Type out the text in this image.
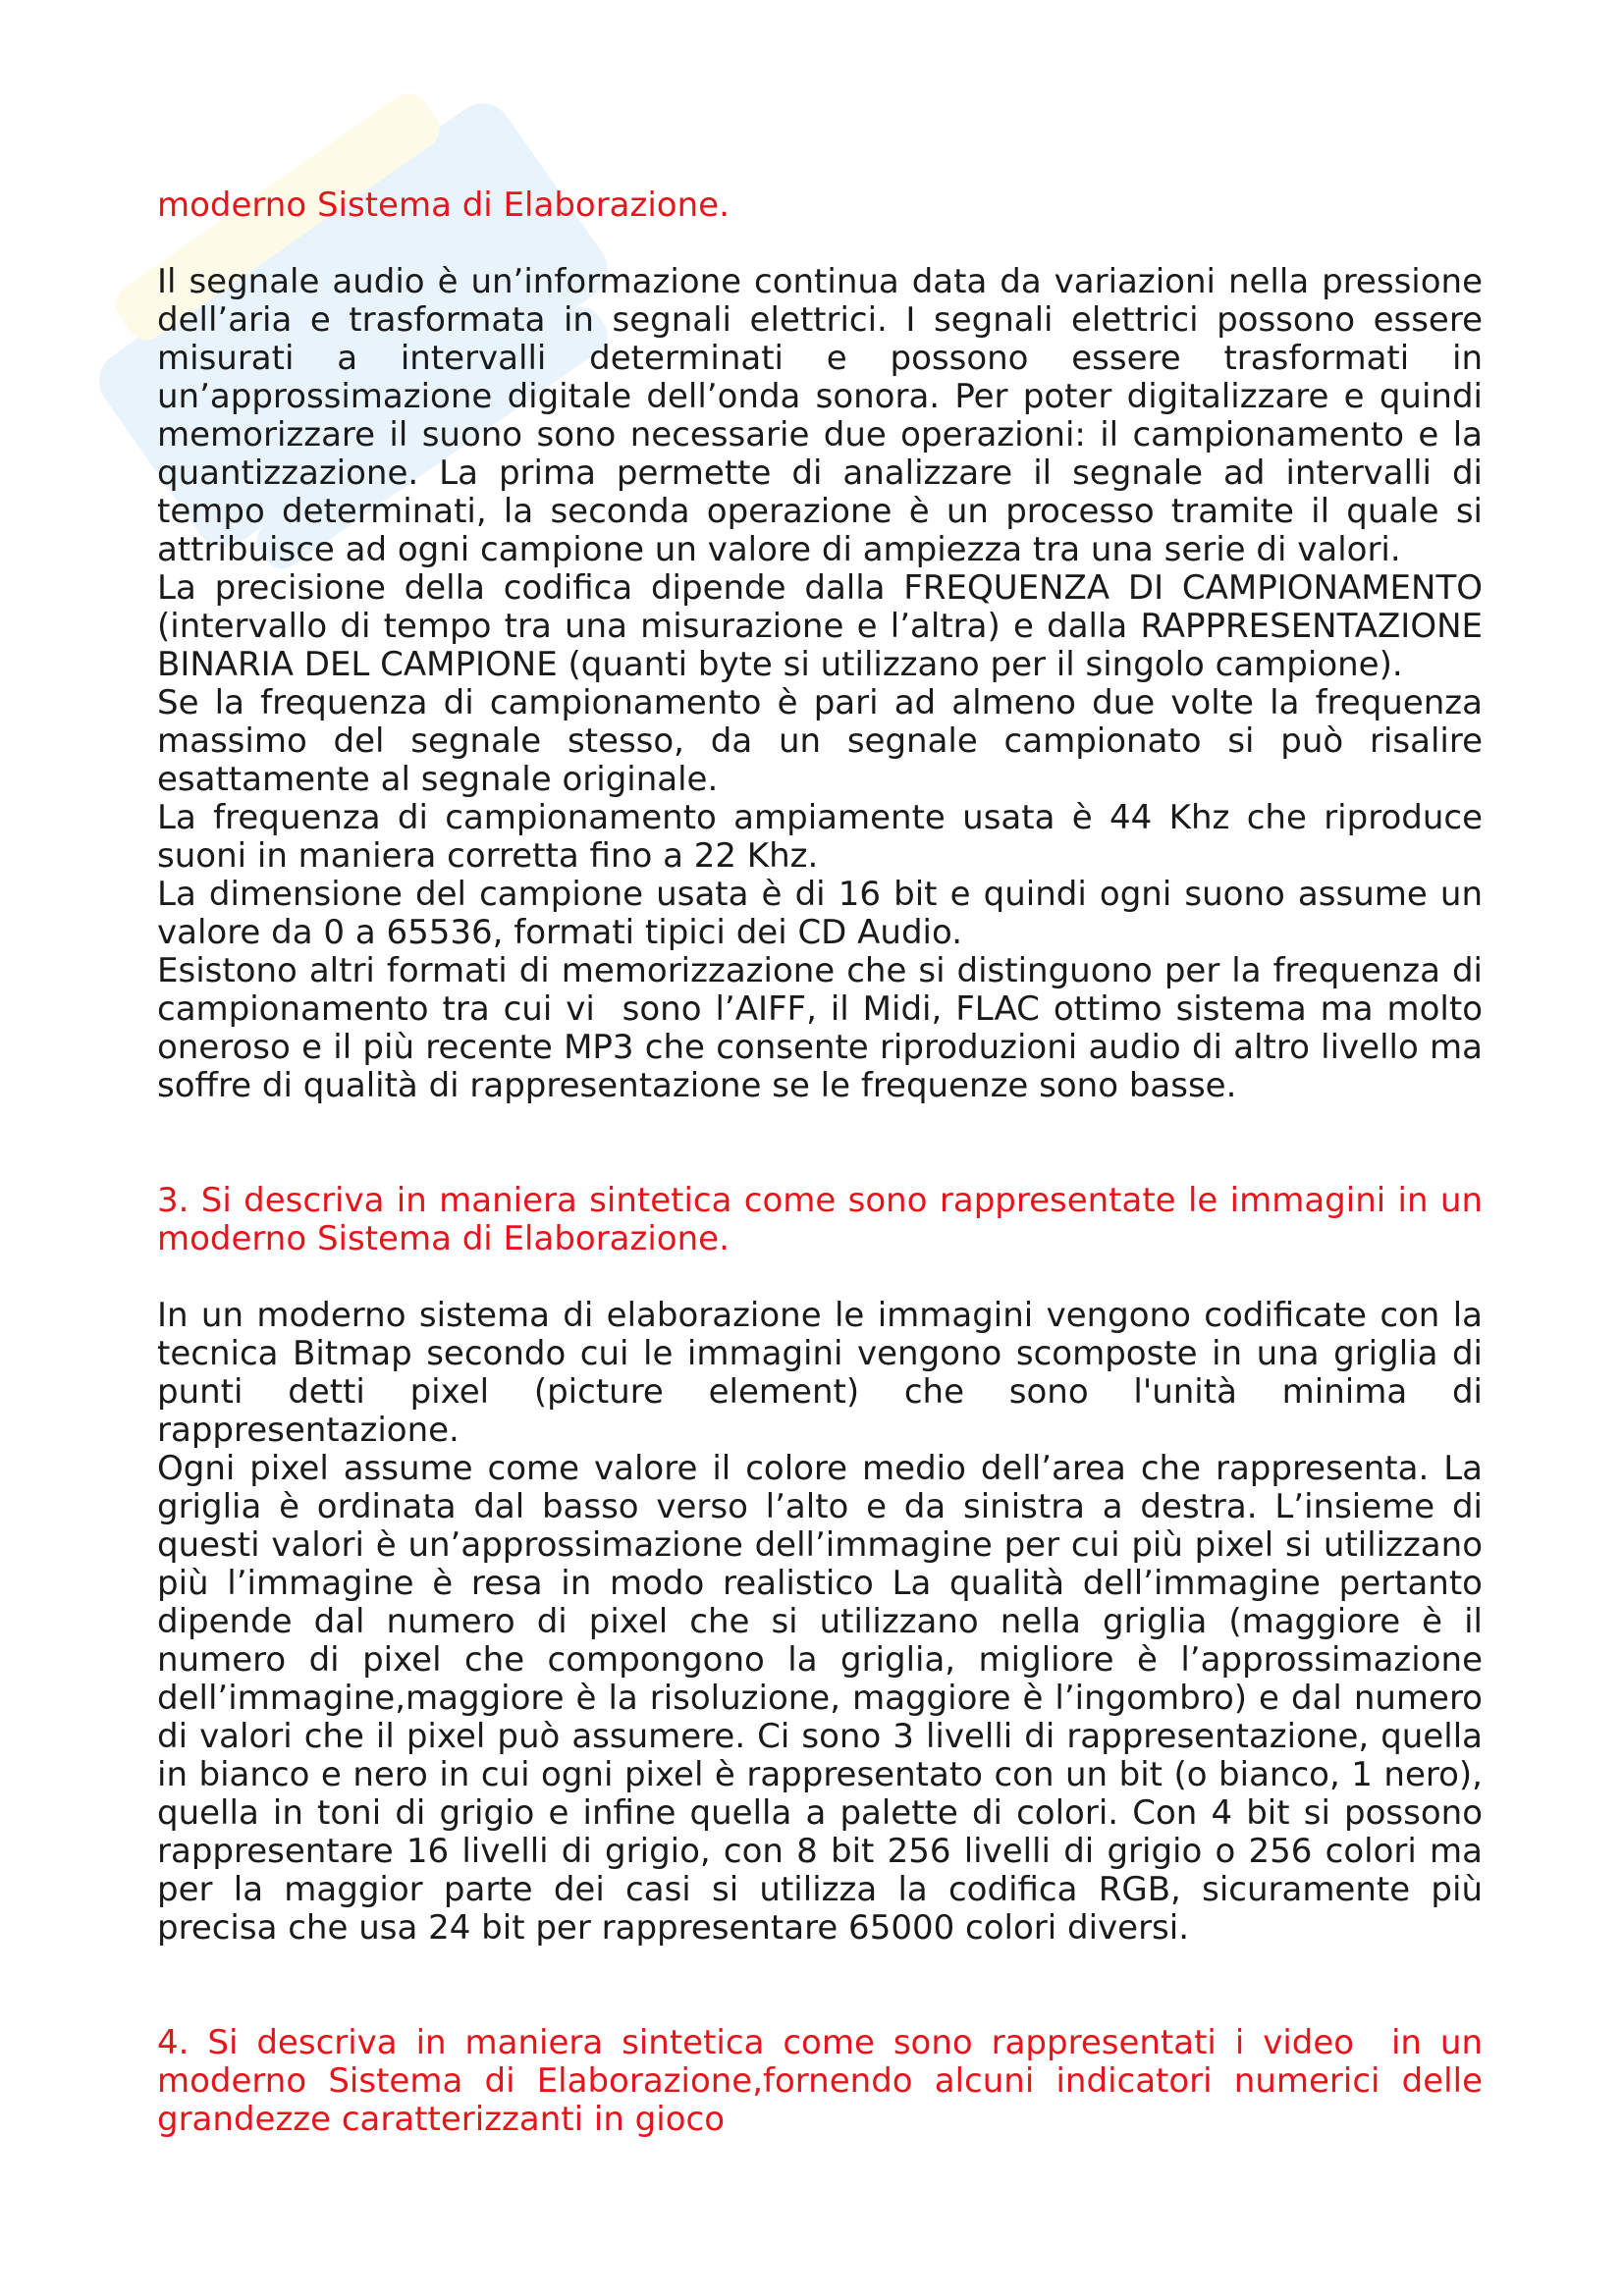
moderno Sistema di Elaborazione.

Il segnale audio è un’informazione continua data da variazioni nella pressione dell’aria e trasformata in segnali elettrici. I segnali elettrici possono essere misurati a intervalli determinati e possono essere trasformati in un’approssimazione digitale dell’onda sonora. Per poter digitalizzare e quindi memorizzare il suono sono necessarie due operazioni: il campionamento e la quantizzazione. La prima permette di analizzare il segnale ad intervalli di tempo determinati, la seconda operazione è un processo tramite il quale si attribuisce ad ogni campione un valore di ampiezza tra una serie di valori.

La precisione della codifica dipende dalla FREQUENZA DI CAMPIONAMENTO (intervallo di tempo tra una misurazione e l’altra) e dalla RAPPRESENTAZIONE BINARIA DEL CAMPIONE (quanti byte si utilizzano per il singolo campione).

Se la frequenza di campionamento è pari ad almeno due volte la frequenza massimo del segnale stesso, da un segnale campionato si può risalire esattamente al segnale originale.

La frequenza di campionamento ampiamente usata è 44 Khz che riproduce suoni in maniera corretta fino a 22 Khz.

La dimensione del campione usata è di 16 bit e quindi ogni suono assume un valore da 0 a 65536, formati tipici dei CD Audio.

Esistono altri formati di memorizzazione che si distinguono per la frequenza di campionamento tra cui vi  sono l’AIFF, il Midi, FLAC ottimo sistema ma molto oneroso e il più recente MP3 che consente riproduzioni audio di altro livello ma soffre di qualità di rappresentazione se le frequenze sono basse.

3. Si descriva in maniera sintetica come sono rappresentate le immagini in un moderno Sistema di Elaborazione.

In un moderno sistema di elaborazione le immagini vengono codificate con la tecnica Bitmap secondo cui le immagini vengono scomposte in una griglia di punti detti pixel (picture element) che sono l'unità minima di rappresentazione.

Ogni pixel assume come valore il colore medio dell’area che rappresenta. La griglia è ordinata dal basso verso l’alto e da sinistra a destra. L’insieme di questi valori è un’approssimazione dell’immagine per cui più pixel si utilizzano più l’immagine è resa in modo realistico La qualità dell’immagine pertanto dipende dal numero di pixel che si utilizzano nella griglia (maggiore è il numero di pixel che compongono la griglia, migliore è l’approssimazione dell’immagine,maggiore è la risoluzione, maggiore è l’ingombro) e dal numero di valori che il pixel può assumere. Ci sono 3 livelli di rappresentazione, quella in bianco e nero in cui ogni pixel è rappresentato con un bit (o bianco, 1 nero), quella in toni di grigio e infine quella a palette di colori. Con 4 bit si possono rappresentare 16 livelli di grigio, con 8 bit 256 livelli di grigio o 256 colori ma per la maggior parte dei casi si utilizza la codifica RGB, sicuramente più precisa che usa 24 bit per rappresentare 65000 colori diversi.

4. Si descriva in maniera sintetica come sono rappresentati i video  in un moderno Sistema di Elaborazione,fornendo alcuni indicatori numerici delle grandezze caratterizzanti in gioco
